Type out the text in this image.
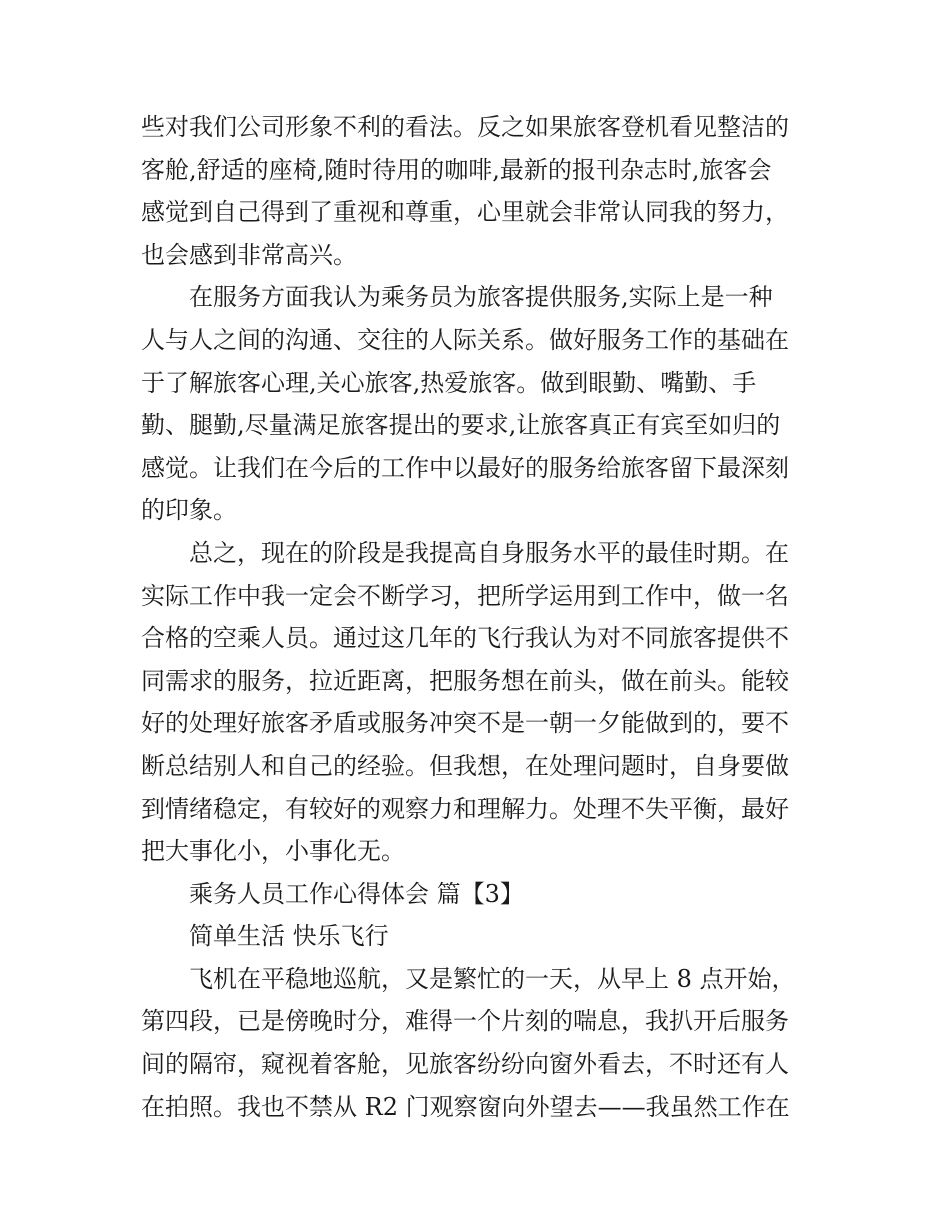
些对我们公司形象不利的看法。反之如果旅客登机看见整洁的
客舱,舒适的座椅,随时待用的咖啡,最新的报刊杂志时,旅客会
感觉到自己得到了重视和尊重，心里就会非常认同我的努力，
也会感到非常高兴。
在服务方面我认为乘务员为旅客提供服务,实际上是一种
人与人之间的沟通、交往的人际关系。做好服务工作的基础在
于了解旅客心理,关心旅客,热爱旅客。做到眼勤、嘴勤、手
勤、腿勤,尽量满足旅客提出的要求,让旅客真正有宾至如归的
感觉。让我们在今后的工作中以最好的服务给旅客留下最深刻
的印象。
总之，现在的阶段是我提高自身服务水平的最佳时期。在
实际工作中我一定会不断学习，把所学运用到工作中，做一名
合格的空乘人员。通过这几年的飞行我认为对不同旅客提供不
同需求的服务，拉近距离，把服务想在前头，做在前头。能较
好的处理好旅客矛盾或服务冲突不是一朝一夕能做到的，要不
断总结别人和自己的经验。但我想，在处理问题时，自身要做
到情绪稳定，有较好的观察力和理解力。处理不失平衡，最好
把大事化小，小事化无。
乘务人员工作心得体会 篇【3】
简单生活 快乐飞行
飞机在平稳地巡航，又是繁忙的一天，从早上 8 点开始，
第四段，已是傍晚时分，难得一个片刻的喘息，我扒开后服务
间的隔帘，窥视着客舱，见旅客纷纷向窗外看去，不时还有人
在拍照。我也不禁从 R2 门观察窗向外望去——我虽然工作在
